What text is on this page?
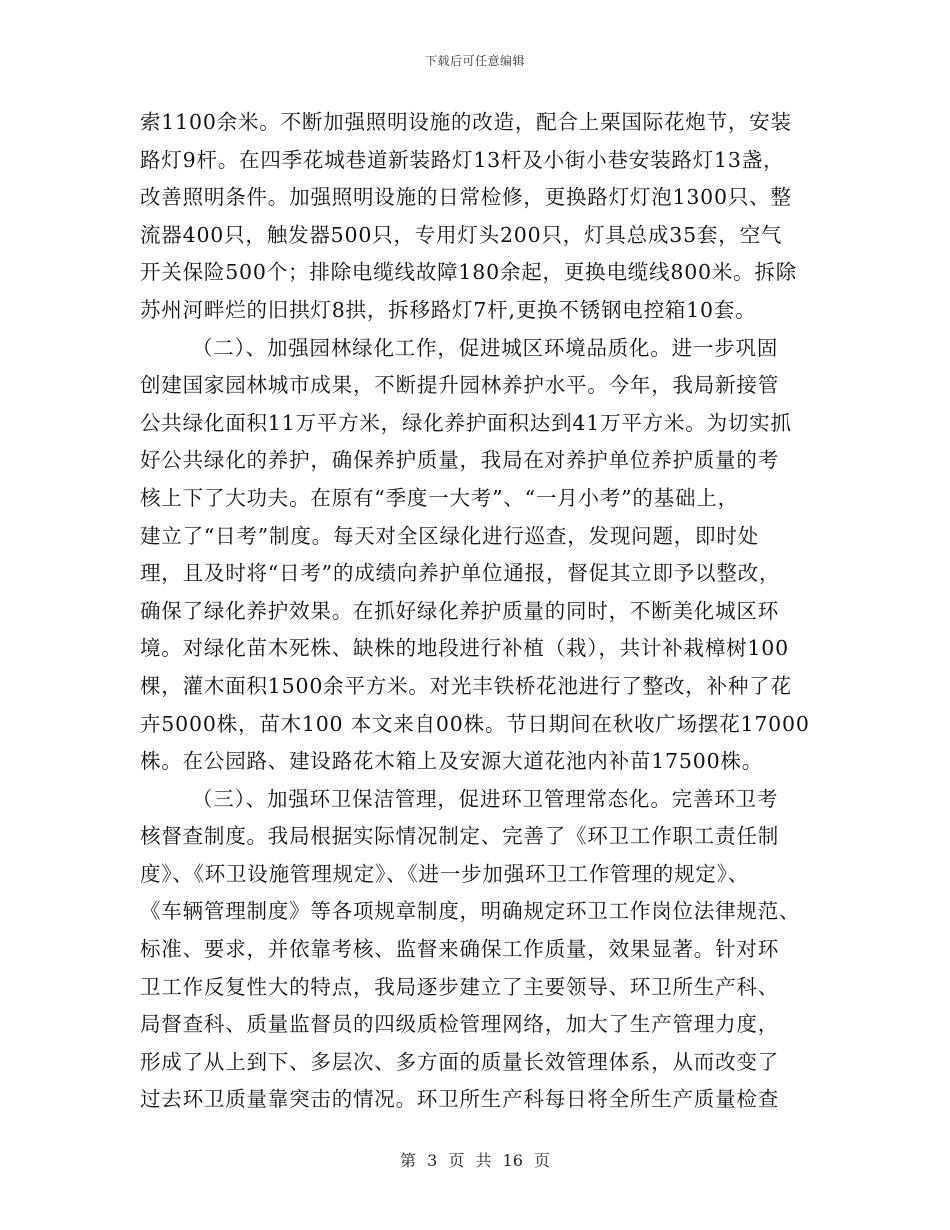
下载后可任意编辑
索1100余米。不断加强照明设施的改造，配合上栗国际花炮节，安装
路灯9杆。在四季花城巷道新装路灯13杆及小街小巷安装路灯13盏，
改善照明条件。加强照明设施的日常检修，更换路灯灯泡1300只、整
流器400只，触发器500只，专用灯头200只，灯具总成35套，空气
开关保险500个；排除电缆线故障180余起，更换电缆线800米。拆除
苏州河畔烂的旧拱灯8拱，拆移路灯7杆,更换不锈钢电控箱10套。
（二）、加强园林绿化工作，促进城区环境品质化。进一步巩固
创建国家园林城市成果，不断提升园林养护水平。今年，我局新接管
公共绿化面积11万平方米，绿化养护面积达到41万平方米。为切实抓
好公共绿化的养护，确保养护质量，我局在对养护单位养护质量的考
核上下了大功夫。在原有“季度一大考”、“一月小考”的基础上，
建立了“日考”制度。每天对全区绿化进行巡查，发现问题，即时处
理，且及时将“日考”的成绩向养护单位通报，督促其立即予以整改，
确保了绿化养护效果。在抓好绿化养护质量的同时，不断美化城区环
境。对绿化苗木死株、缺株的地段进行补植（栽），共计补栽樟树100
棵，灌木面积1500余平方米。对光丰铁桥花池进行了整改，补种了花
卉5000株，苗木100 本文来自00株。节日期间在秋收广场摆花17000
株。在公园路、建设路花木箱上及安源大道花池内补苗17500株。
（三）、加强环卫保洁管理，促进环卫管理常态化。完善环卫考
核督查制度。我局根据实际情况制定、完善了《环卫工作职工责任制
度》、《环卫设施管理规定》、《进一步加强环卫工作管理的规定》、
《车辆管理制度》等各项规章制度，明确规定环卫工作岗位法律规范、
标准、要求，并依靠考核、监督来确保工作质量，效果显著。针对环
卫工作反复性大的特点，我局逐步建立了主要领导、环卫所生产科、
局督查科、质量监督员的四级质检管理网络，加大了生产管理力度，
形成了从上到下、多层次、多方面的质量长效管理体系，从而改变了
过去环卫质量靠突击的情况。环卫所生产科每日将全所生产质量检查
第 3 页 共 16 页
